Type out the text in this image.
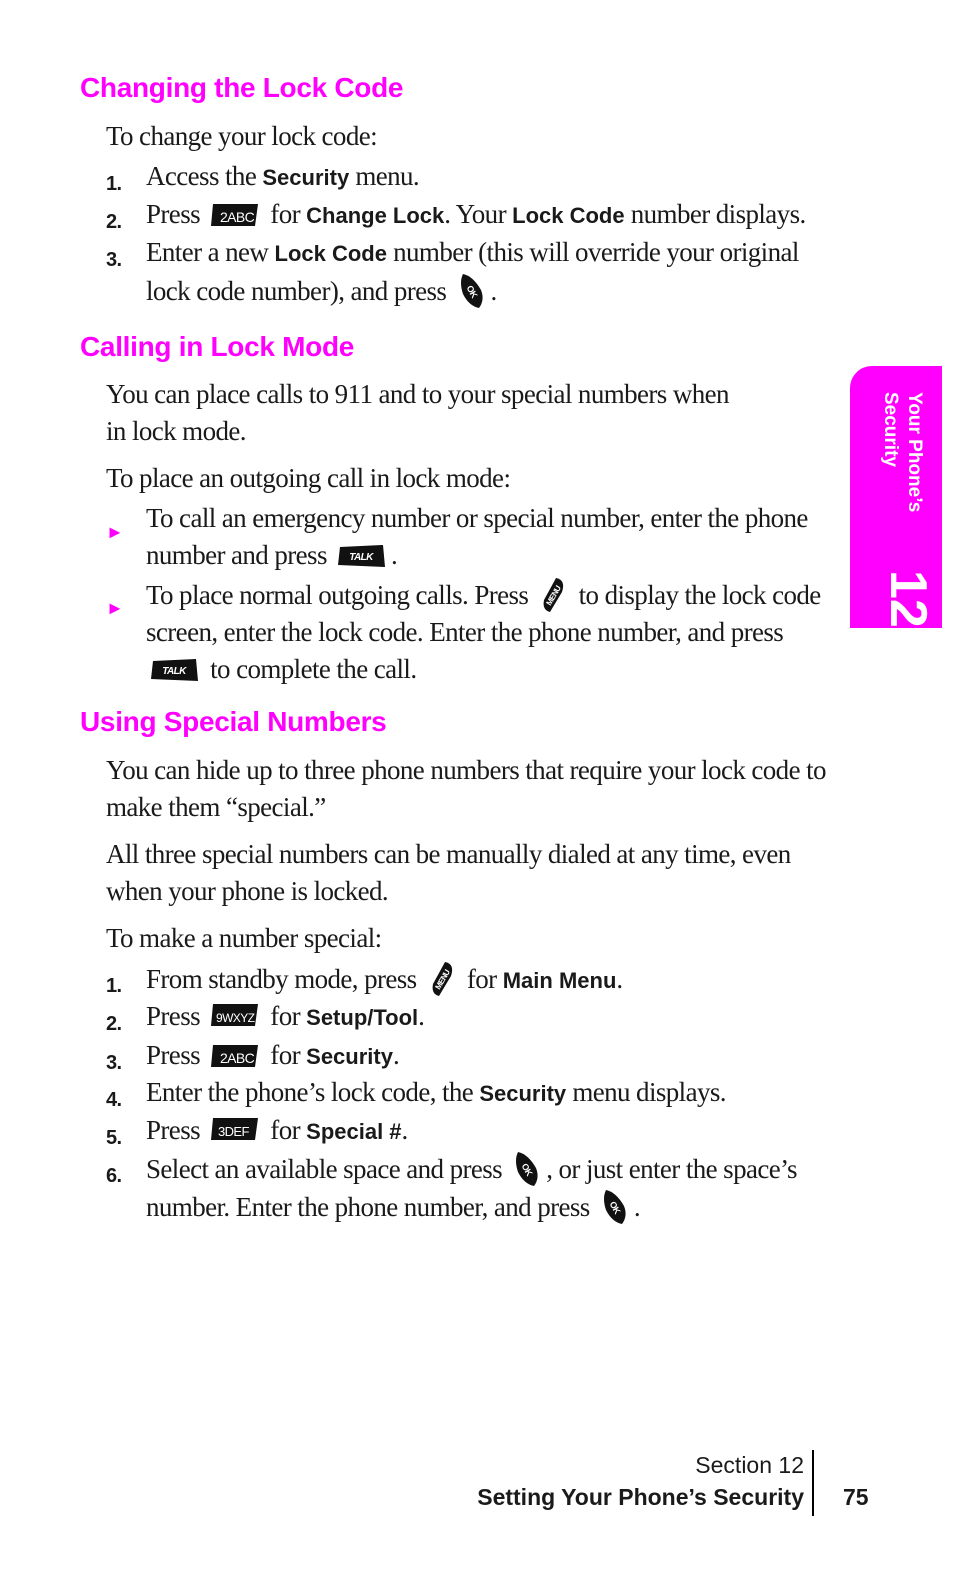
Changing the Lock Code

To change your lock code:

1. Access the Security menu.
2. Press 2ABC for Change Lock. Your Lock Code number displays.
3. Enter a new Lock Code number (this will override your original lock code number), and press .
Calling in Lock Mode

You can place calls to 911 and to your special numbers when in lock mode.

To place an outgoing call in lock mode:

► To call an emergency number or special number, enter the phone number and press .
► To place normal outgoing calls. Press  to display the lock code screen, enter the lock code. Enter the phone number, and press  to complete the call.
Using Special Numbers

You can hide up to three phone numbers that require your lock code to make them “special.”

All three special numbers can be manually dialed at any time, even when your phone is locked.

To make a number special:

1. From standby mode, press  for Main Menu.
2. Press 9WXYZ for Setup/Tool.
3. Press 2ABC for Security.
4. Enter the phone’s lock code, the Security menu displays.
5. Press 3DEF for Special #.
6. Select an available space and press , or just enter the space’s number. Enter the phone number, and press .
Your Phone’s
Security
12
Section 12
Setting Your Phone’s Security 75
